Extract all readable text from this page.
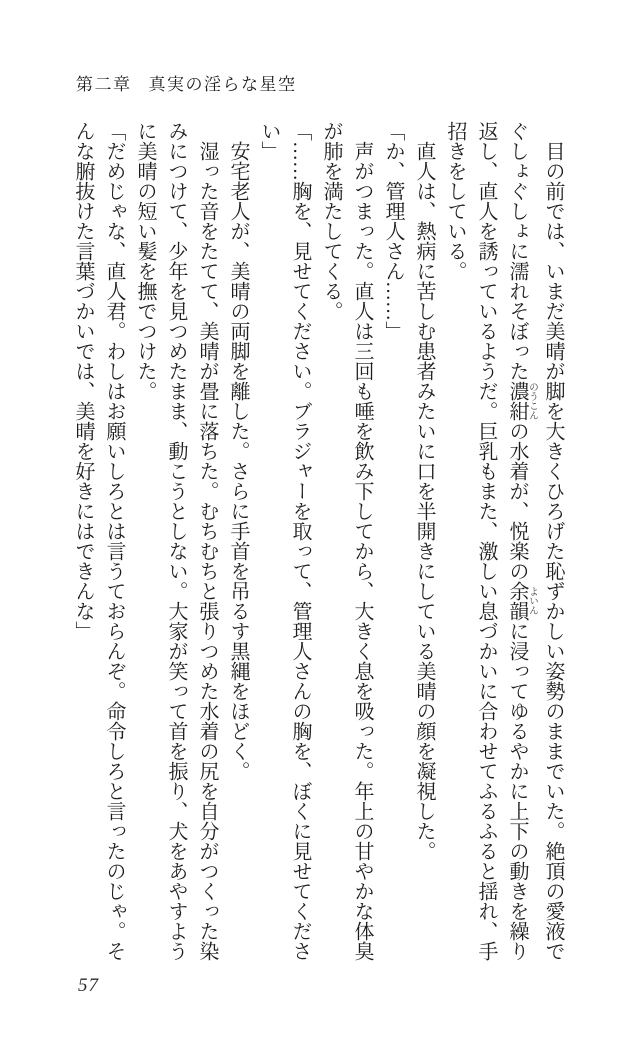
第二章 真実の淫らな星空
　目の前では、いまだ美晴が脚を大きくひろげた恥ずかしい姿勢のままでいた。絶頂の愛液で
ぐしょぐしょに濡れそぼった濃紺 のうこんの水着が、悦楽の余韻 よいんに浸ってゆるやかに上下の動きを繰り
返し、直人を誘っているようだ。巨乳もまた、激しい息づかいに合わせてふるふると揺れ、手
招きをしている。
　直人は、熱病に苦しむ患者みたいに口を半開きにしている美晴の顔を凝視した。
「か、管理人さん……」
　声がつまった。直人は三回も唾を飲み下してから、大きく息を吸った。年上の甘やかな体臭
が肺を満たしてくる。
「……胸を、見せてください。ブラジャーを取って、管理人さんの胸を、ぼくに見せてくださ
い」
　安宅老人が、美晴の両脚を離した。さらに手首を吊るす黒縄をほどく。
　湿った音をたてて、美晴が畳に落ちた。むちむちと張りつめた水着の尻を自分がつくった染
みにつけて、少年を見つめたまま、動こうとしない。大家が笑って首を振り、犬をあやすよう
に美晴の短い髪を撫でつけた。
「だめじゃな、直人君。わしはお願いしろとは言うておらんぞ。命令しろと言ったのじゃ。そ
んな腑抜けた言葉づかいでは、美晴を好きにはできんな」
57
